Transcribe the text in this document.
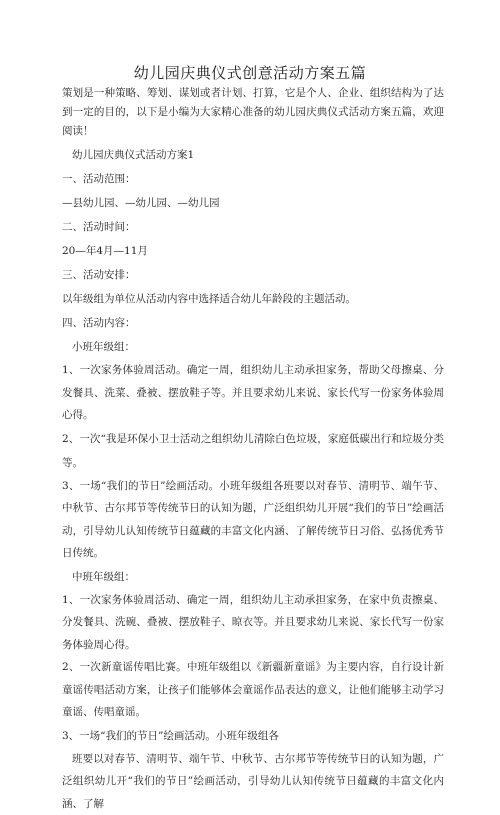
幼儿园庆典仪式创意活动方案五篇
策划是一种策略、筹划、谋划或者计划、打算，它是个人、企业、组织结构为了达到一定的目的，以下是小编为大家精心准备的幼儿园庆典仪式活动方案五篇，欢迎阅读！

幼儿园庆典仪式活动方案1

一、活动范围：

—县幼儿园、—幼儿园、—幼儿园

二、活动时间：

20—年4月—11月

三、活动安排：

以年级组为单位从活动内容中选择适合幼儿年龄段的主题活动。

四、活动内容：

小班年级组：

1、一次家务体验周活动。确定一周，组织幼儿主动承担家务，帮助父母擦桌、分发餐具、洗菜、叠被、摆放鞋子等。并且要求幼儿来说、家长代写一份家务体验周心得。

2、一次“我是环保小卫士活动之组织幼儿清除白色垃圾，家庭低碳出行和垃圾分类等。

3、一场“我们的节日”绘画活动。小班年级组各班要以对春节、清明节、端午节、中秋节、古尔邦节等传统节日的认知为题，广泛组织幼儿开展“我们的节日”绘画活动，引导幼儿认知传统节日蕴藏的丰富文化内涵、了解传统节日习俗、弘扬优秀节日传统。

中班年级组：

1、一次家务体验周活动、确定一周，组织幼儿主动承担家务，在家中负责擦桌、分发餐具、洗碗、叠被、摆放鞋子、晾衣等。并且要求幼儿来说、家长代写一份家务体验周心得。

2、一次新童谣传唱比赛。中班年级组以《新疆新童谣》为主要内容，自行设计新童谣传唱活动方案，让孩子们能够体会童谣作品表达的意义，让他们能够主动学习童谣、传唱童谣。

3、一场“我们的节日”绘画活动。小班年级组各

班要以对春节、清明节、端午节、中秋节、古尔邦节等传统节日的认知为题，广泛组织幼儿开“我们的节日”绘画活动，引导幼儿认知传统节日蕴藏的丰富文化内涵、了解
